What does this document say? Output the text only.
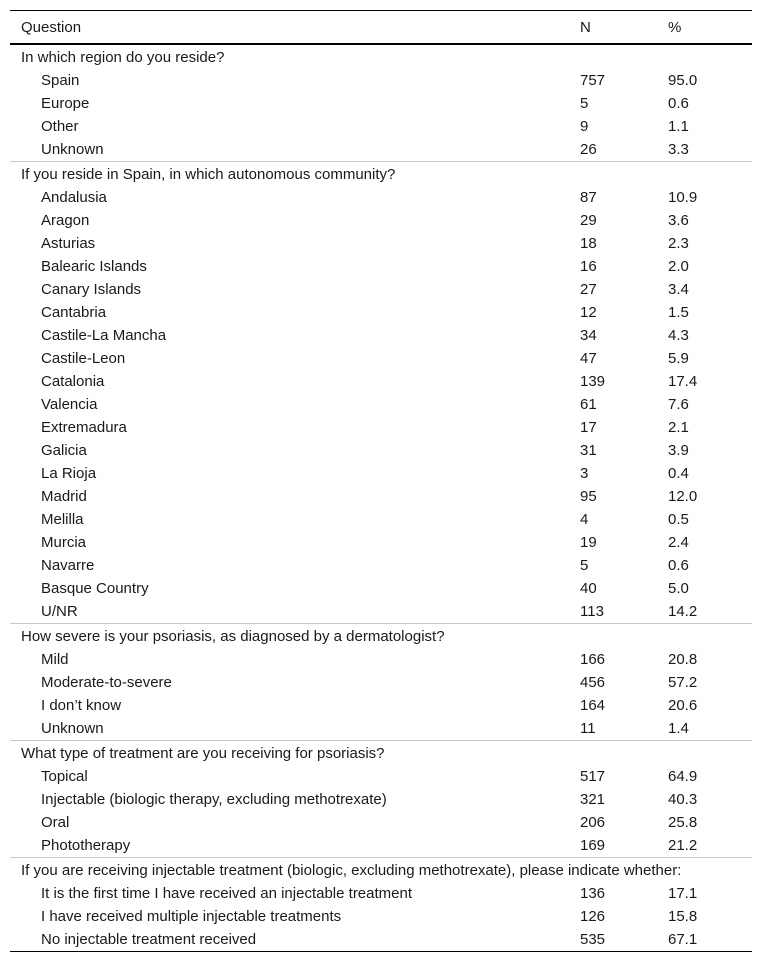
Question	N	%
In which region do you reside?		
Spain	757	95.0
Europe	5	0.6
Other	9	1.1
Unknown	26	3.3
If you reside in Spain, in which autonomous community?		
Andalusia	87	10.9
Aragon	29	3.6
Asturias	18	2.3
Balearic Islands	16	2.0
Canary Islands	27	3.4
Cantabria	12	1.5
Castile-La Mancha	34	4.3
Castile-Leon	47	5.9
Catalonia	139	17.4
Valencia	61	7.6
Extremadura	17	2.1
Galicia	31	3.9
La Rioja	3	0.4
Madrid	95	12.0
Melilla	4	0.5
Murcia	19	2.4
Navarre	5	0.6
Basque Country	40	5.0
U/NR	113	14.2
How severe is your psoriasis, as diagnosed by a dermatologist?		
Mild	166	20.8
Moderate-to-severe	456	57.2
I don’t know	164	20.6
Unknown	11	1.4
What type of treatment are you receiving for psoriasis?		
Topical	517	64.9
Injectable (biologic therapy, excluding methotrexate)	321	40.3
Oral	206	25.8
Phototherapy	169	21.2
If you are receiving injectable treatment (biologic, excluding methotrexate), please indicate whether:		
It is the first time I have received an injectable treatment	136	17.1
I have received multiple injectable treatments	126	15.8
No injectable treatment received	535	67.1
